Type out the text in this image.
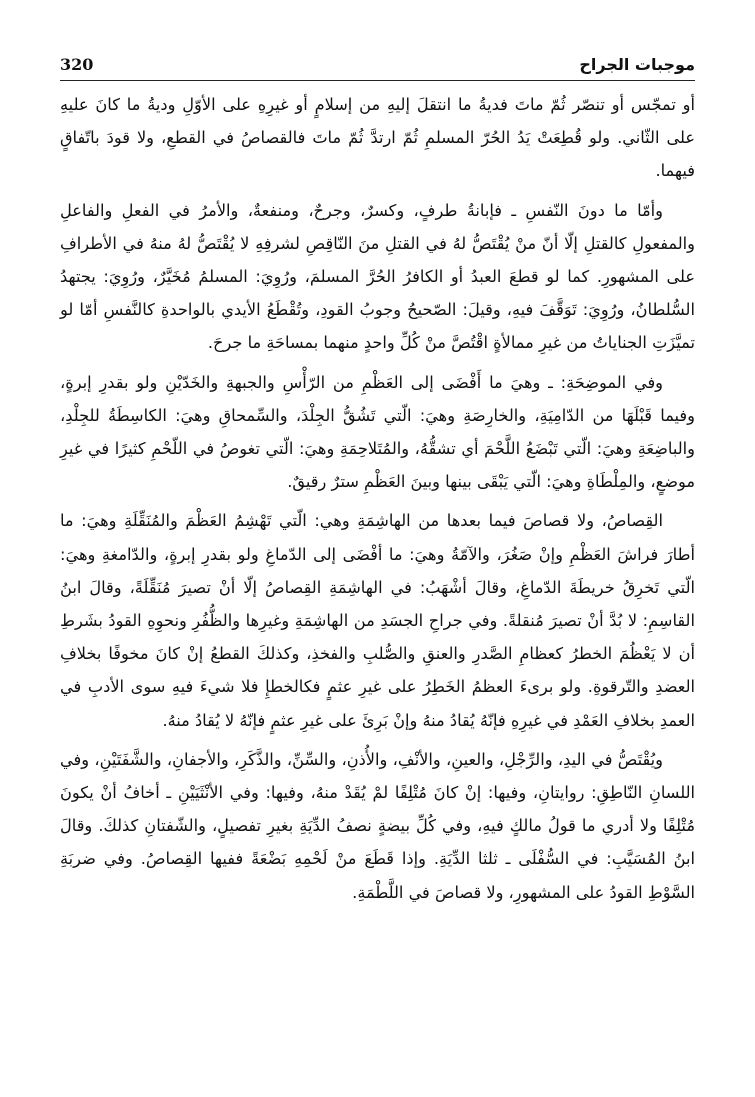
320	موجبات الجراح

أو تمجّس أو تنصّر ثُمّ ماتَ فديةُ ما انتقلَ إليهِ من إسلامٍ أو غيرِهِ على الأوّلِ وديةُ ما كانَ عليهِ على الثّاني. ولو قُطِعَتْ يَدُ الحُرّ المسلمِ ثُمّ ارتدَّ ثُمّ ماتَ فالقصاصُ في القطعِ، ولا قودَ باتّفاقٍ فيهما.

وأمّا ما دونَ النّفسِ ـ فإبانةُ طرفٍ، وكسرٌ، وجرحٌ، ومنفعةٌ، والأمرُ في الفعلِ والفاعلِ والمفعولِ كالقتلِ إلّا أنّ منْ يُقْتَصُّ لهُ في القتلِ منَ النّاقِصِ لشرفِهِ لا يُقْتَصُّ لهُ منهُ في الأطرافِ على المشهورِ. كما لو قطعَ العبدُ أو الكافرُ الحُرَّ المسلمَ، ورُوِيَ: المسلمُ مُخَيَّرٌ، ورُوِيَ: يجتهدُ السُّلطانُ، ورُوِيَ: تَوَقَّفَ فيهِ، وقيلَ: الصّحيحُ وجوبُ القودِ، وتُقْطَعُ الأيدي بالواحدةِ كالنَّفسِ أمّا لو تميَّزَتِ الجناياتُ من غيرِ ممالأةٍ اقْتُصَّ منْ كُلِّ واحدٍ منهما بمساحَةِ ما جرحَ.

وفي الموضِحَةِ: ـ وهيَ ما أَفْضَى إلى العَظْمِ من الرّأْسِ والجبهةِ والخَدّيْنِ ولو بقدرِ إبرةٍ، وفيما قَبْلَهَا من الدّامِيَةِ، والخارِصَةِ وهيَ: الّتي تَشُقُّ الجِلْدَ، والسِّمحاقِ وهيَ: الكاسِطَةُ للجِلْدِ، والباضِعَةِ وهيَ: الّتي تَبْضَعُ اللَّحْمَ أي تشقُّهُ، والمُتَلاحِمَةِ وهيَ: الّتي تغوصُ في اللّحْمِ كثيرًا في غيرِ موضعٍ، والمِلْطَاةِ وهيَ: الّتي يَبْقَى بينها وبينَ العَظْمِ سترٌ رقيقٌ.

القِصاصُ، ولا قصاصَ فيما بعدها من الهاشِمَةِ وهي: الّتي تَهْشِمُ العَظْمَ والمُنَقِّلَةِ وهيَ: ما أطارَ فراشَ العَظْمِ وإنْ صَغُرَ، والآمّةُ وهيَ: ما أفْضَى إلى الدّماغِ ولو بقدرِ إبرةٍ، والدّامغةِ وهيَ: الّتي تَخرِقُ خريطَةَ الدّماغِ، وقالَ أشْهَبُ: في الهاشِمَةِ القِصاصُ إلّا أنْ تصيرَ مُنَقِّلَةً، وقالَ ابنُ القاسِمِ: لا بُدَّ أنْ تصيرَ مُنقلةً. وفي جراحِ الجسَدِ من الهاشِمَةِ وغيرِها والظُّفُرِ ونحوِهِ القودُ بشَرطِ أن لا يَعْظُمَ الخطرُ كعظامِ الصَّدرِ والعنقِ والصُّلبِ والفخذِ، وكذلكَ القطعُ إنْ كانَ مخوفًا بخلافِ العضدِ والتّرقوةِ. ولو برىءَ العظمُ الخَطِرُ على غيرِ عثمٍ فكالخطإِ فلا شيءَ فيهِ سوى الأدبِ في العمدِ بخلافِ العَمْدِ في غيرِهِ فإنّهُ يُقادُ منهُ وإنْ بَرِئَ على غيرِ عثمٍ فإنّهُ لا يُقادُ منهُ.

ويُقْتَصُّ في اليدِ، والرِّجْلِ، والعينِ، والأنْفِ، والأُذنِ، والسِّنِّ، والذَّكَرِ، والأجفانِ، والشَّفَتَيْنِ، وفي اللسانِ النّاطِقِ: روايتانِ، وفيها: إنْ كانَ مُتْلِفًا لمْ يُقَدْ منهُ، وفيها: وفي الأنْثَيَيْنِ ـ أخافُ أنْ يكونَ مُتْلِفًا ولا أدري ما قولُ مالكٍ فيهِ، وفي كُلِّ بيضةٍ نصفُ الدِّيَةِ بغيرِ تفصيلٍ، والشّفتانِ كذلكَ. وقالَ ابنُ المُسَيَّبِ: في السُّفْلَى ـ ثلثا الدِّيَةِ. وإذا قَطَعَ منْ لَحْمِهِ بَضْعَةً ففيها القِصاصُ. وفي ضربَةِ السَّوْطِ القودُ على المشهورِ، ولا قصاصَ في اللَّطْمَةِ.
